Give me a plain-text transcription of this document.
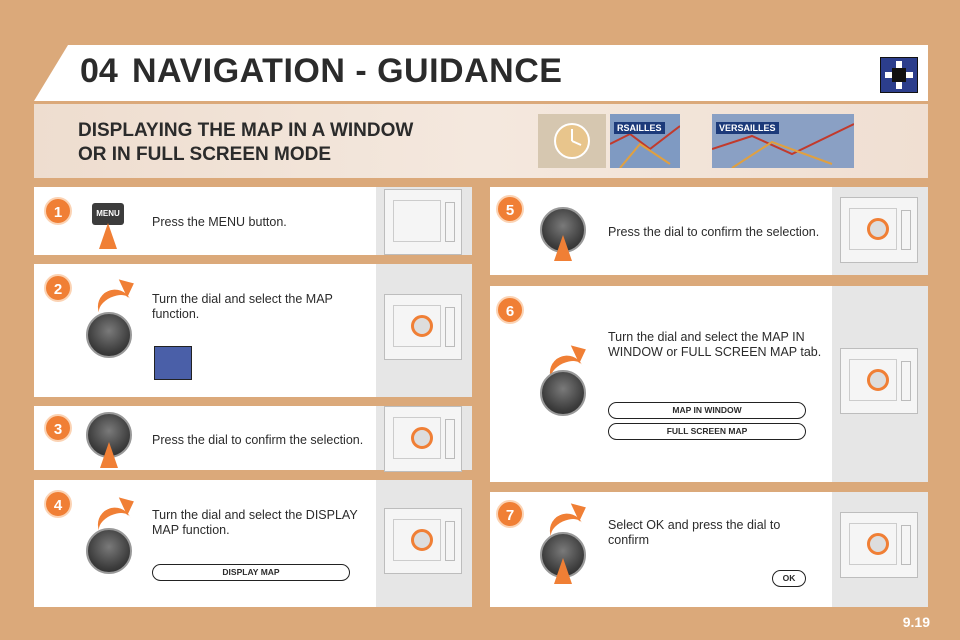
04 NAVIGATION - GUIDANCE
DISPLAYING THE MAP IN A WINDOW
OR IN FULL SCREEN MODE
RSAILLES	VERSAILLES
1	MENU
Press the MENU button.
2
Turn the dial and select the MAP function.
3
Press the dial to confirm the selection.
4
Turn the dial and select the DISPLAY MAP function.
DISPLAY MAP
5
Press the dial to confirm the selection.
6
Turn the dial and select the MAP IN WINDOW or FULL SCREEN MAP tab.
MAP IN WINDOW
FULL SCREEN MAP
7
Select OK and press the dial to confirm
OK
9.19
